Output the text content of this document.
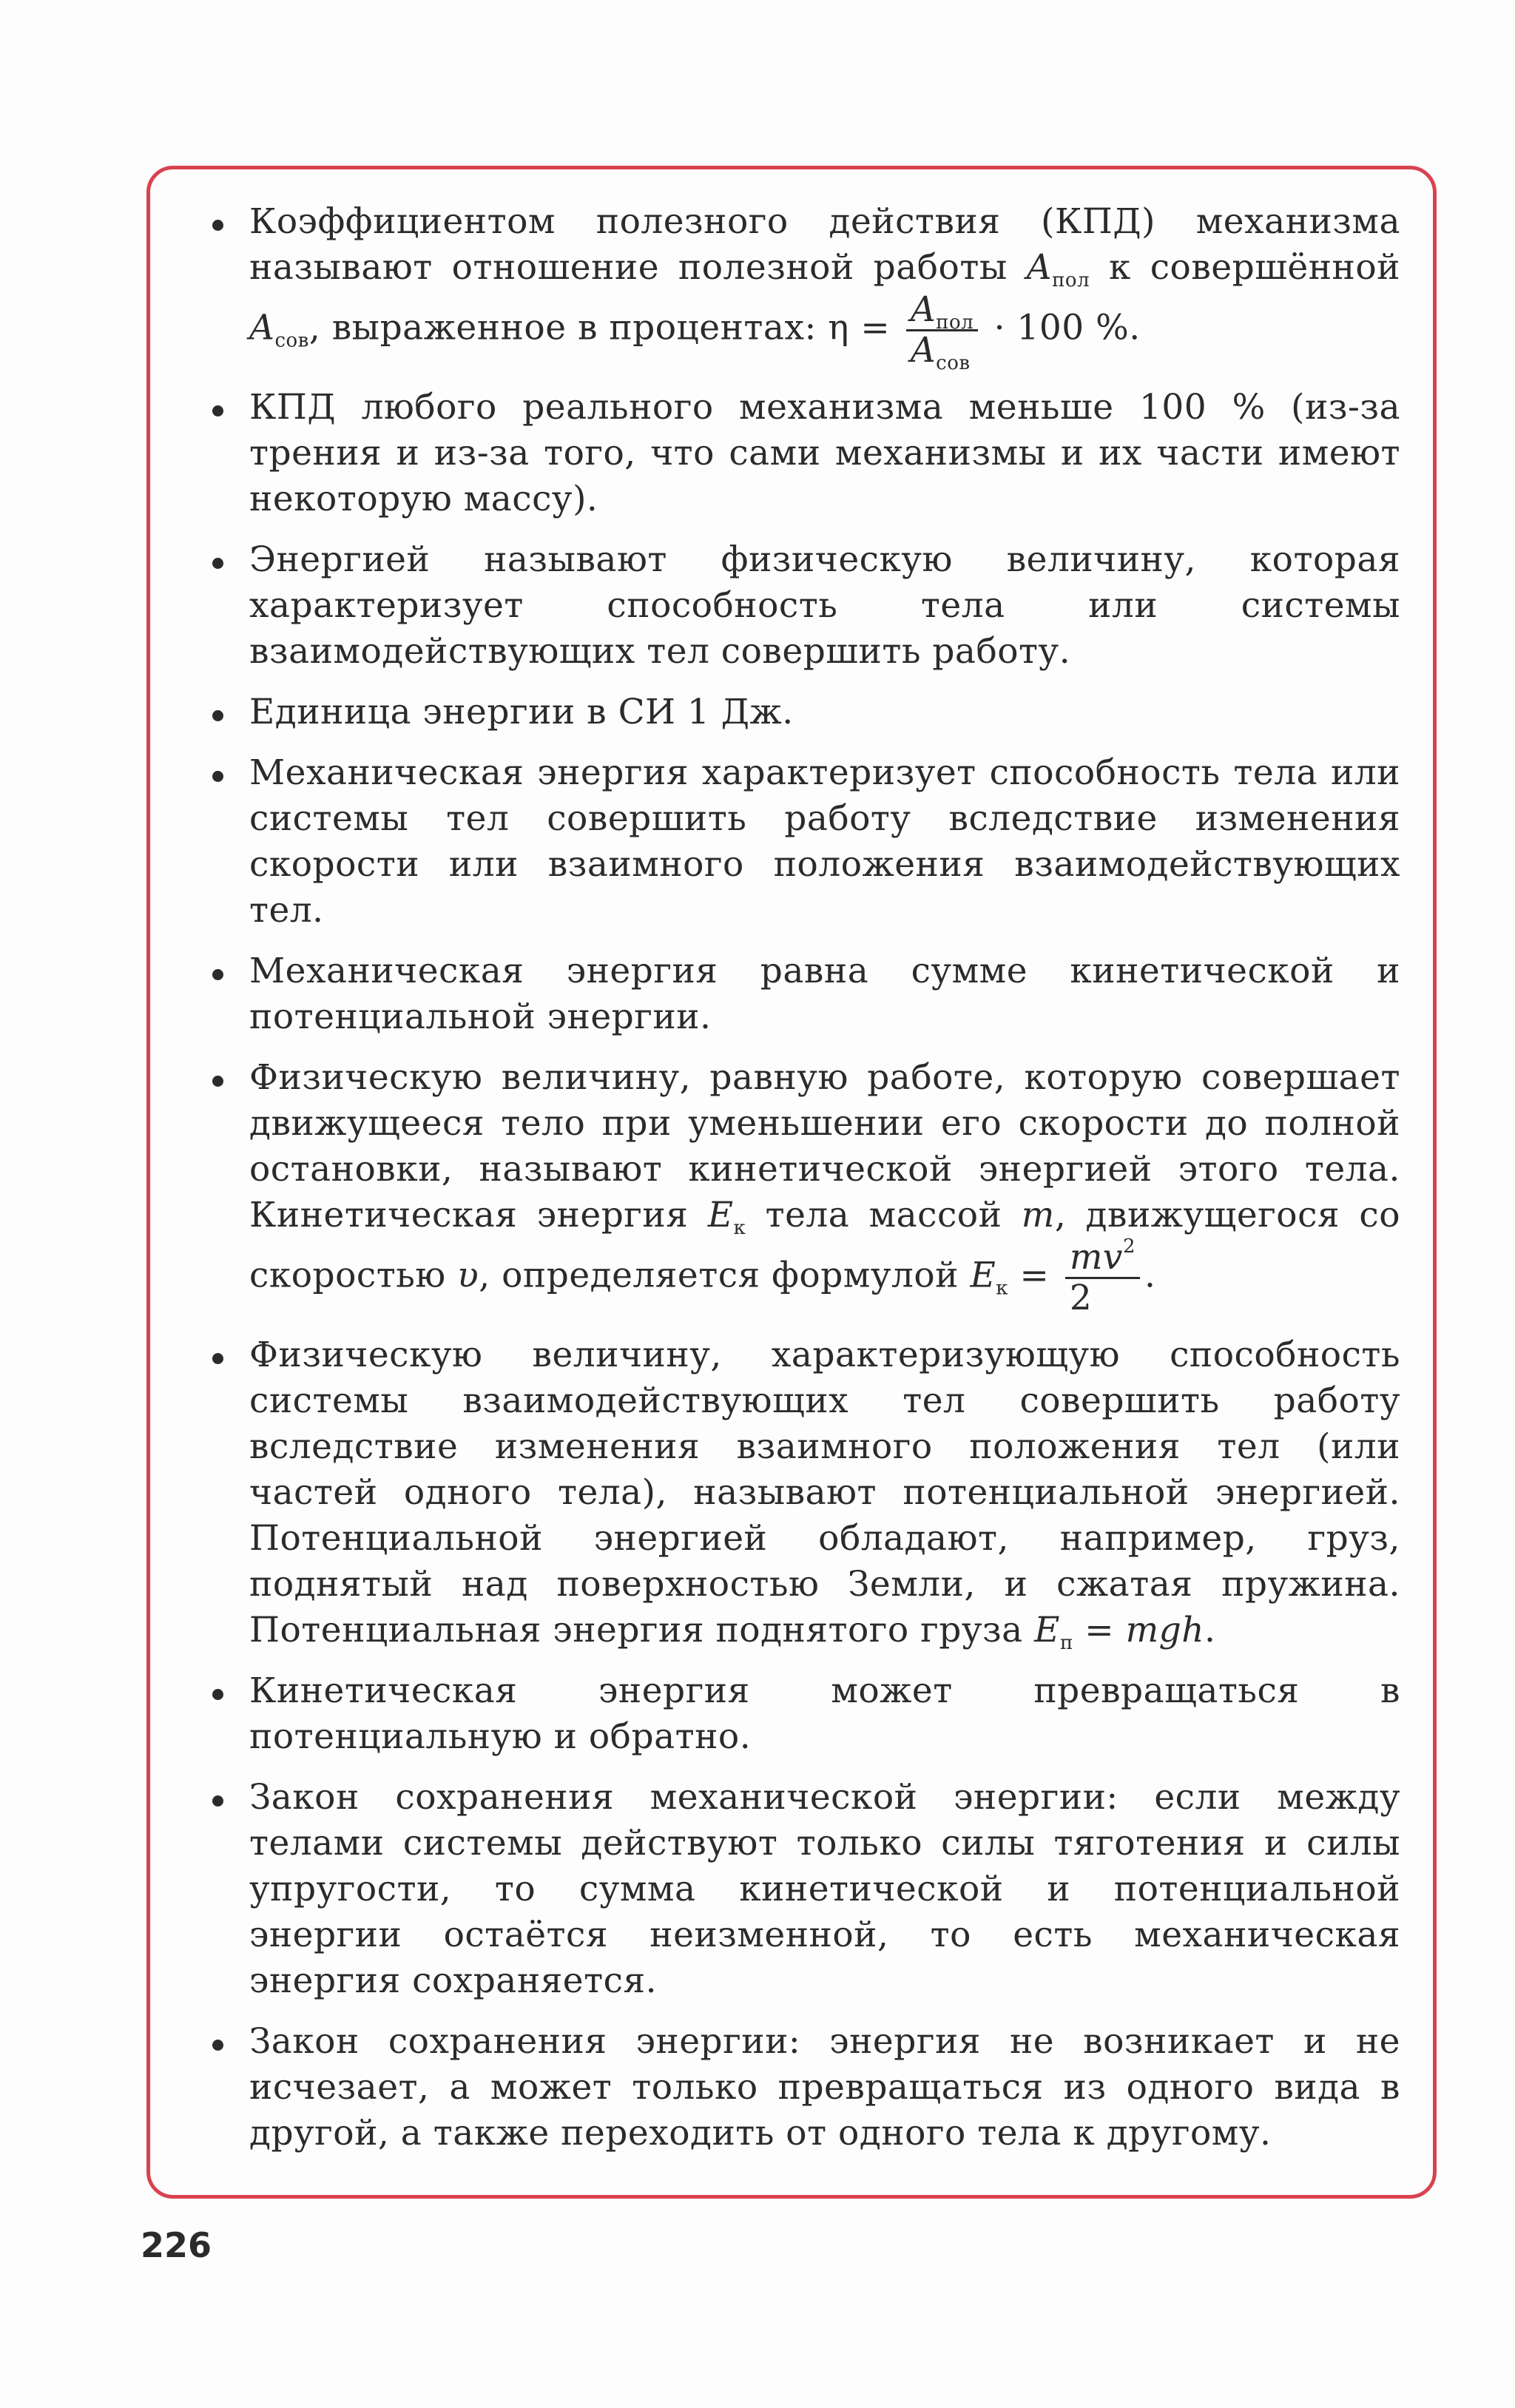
Коэффициентом полезного действия (КПД) механизма называют отношение полезной работы $A_{пол}$ к совершённой $A_{сов}$, выраженное в процентах: $\eta = \frac{A_{пол}}{A_{сов}} \cdot 100$ %.
КПД любого реального механизма меньше 100 % (из-за трения и из-за того, что сами механизмы и их части имеют некоторую массу).
Энергией называют физическую величину, которая характеризует способность тела или системы взаимодействующих тел совершить работу.
Единица энергии в СИ 1 Дж.
Механическая энергия характеризует способность тела или системы тел совершить работу вследствие изменения скорости или взаимного положения взаимодействующих тел.
Механическая энергия равна сумме кинетической и потенциальной энергии.
Физическую величину, равную работе, которую совершает движущееся тело при уменьшении его скорости до полной остановки, называют кинетической энергией этого тела. Кинетическая энергия $E_к$ тела массой m, движущегося со скоростью υ, определяется формулой $E_к = \frac{mv^2}{2}$ .
Физическую величину, характеризующую способность системы взаимодействующих тел совершить работу вследствие изменения взаимного положения тел (или частей одного тела), называют потенциальной энергией. Потенциальной энергией обладают, например, груз, поднятый над поверхностью Земли, и сжатая пружина. Потенциальная энергия поднятого груза $E_п$ = mgh.
Кинетическая энергия может превращаться в потенциальную и обратно.
Закон сохранения механической энергии: если между телами системы действуют только силы тяготения и силы упругости, то сумма кинетической и потенциальной энергии остаётся неизменной, то есть механическая энергия сохраняется.
Закон сохранения энергии: энергия не возникает и не исчезает, а может только превращаться из одного вида в другой, а также переходить от одного тела к другому.
226
